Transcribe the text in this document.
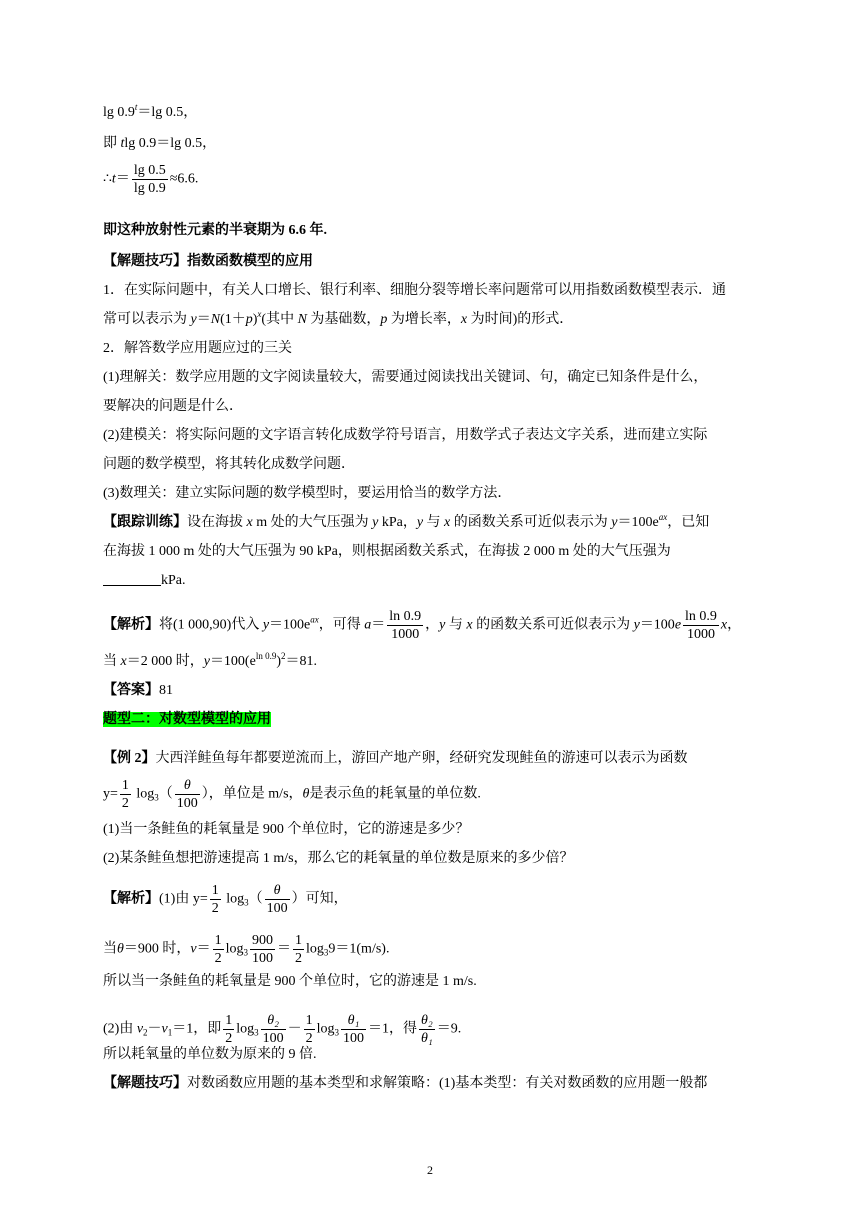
$\lg 0.9^t=\lg$ 0.5，
即 tlg 0.9＝lg 0.5，
∴t＝ $\frac{\lg 0.5}{\lg 0.9} \approx 6.6$.
即这种放射性元素的半衰期为 6.6 年.
【解题技巧】指数函数模型的应用
1．在实际问题中，有关人口增长、银行利率、细胞分裂等增长率问题常可以用指数函数模型表示．通
常可以表示为 $y=N(1+p)^x$(其中 N 为基础数，p 为增长率，x 为时间)的形式．
2．解答数学应用题应过的三关
(1)理解关：数学应用题的文字阅读量较大，需要通过阅读找出关键词、句，确定已知条件是什么，
要解决的问题是什么．
(2)建模关：将实际问题的文字语言转化成数学符号语言，用数学式子表达文字关系，进而建立实际
问题的数学模型，将其转化成数学问题．
(3)数理关：建立实际问题的数学模型时，要运用恰当的数学方法．
【跟踪训练】设在海拔 x m 处的大气压强为 y kPa，y 与 x 的函数关系可近似表示为 $y=100e^{ax}$，已知
在海拔 1 000 m 处的大气压强为 90 kPa，则根据函数关系式，在海拔 2 000 m 处的大气压强为
kPa.
【解析】将(1 000,90)代入 $y=100e^{ax}$，可得 $a= \frac{\ln 0.9}{1000}$ ，y 与 x 的函数关系可近似表示为 $y=100e \frac{\ln 0.9}{1000}$ x，
当 x＝2 000 时，$y=100(e^{ln 0.9})^2=81$.
【答案】81
题型二：对数型模型的应用
【例 2】大西洋鲑鱼每年都要逆流而上，游回产地产卵，经研究发现鲑鱼的游速可以表示为函数
$y= \frac{1}{2} \log_3( \frac{\theta}{100}$ ），单位是 m/s，θ是表示鱼的耗氧量的单位数.
(1)当一条鲑鱼的耗氧量是 900 个单位时，它的游速是多少？
(2)某条鲑鱼想把游速提高 1 m/s，那么它的耗氧量的单位数是原来的多少倍？
【解析】(1)由 $y= \frac{1}{2} \log_3( \frac{\theta}{100}$ ）可知，
当θ＝900 时，$v= \frac{1}{2} \log_3 \frac{900}{100} = \frac{1}{2} \log_39=1(m/s)$.
所以当一条鲑鱼的耗氧量是 900 个单位时，它的游速是 1 m/s.
(2)由 $v_2-v_1=1$，即 $\frac{1}{2} \log_3 \frac{\text{θ₂}}{100} - \frac{1}{2} \log_3 \frac{\text{θ₁}}{100} =1$，得 $\frac{\text{θ₂}}{\text{θ₁}} =9$.
所以耗氧量的单位数为原来的 9 倍.
【解题技巧】对数函数应用题的基本类型和求解策略：(1)基本类型：有关对数函数的应用题一般都
2
